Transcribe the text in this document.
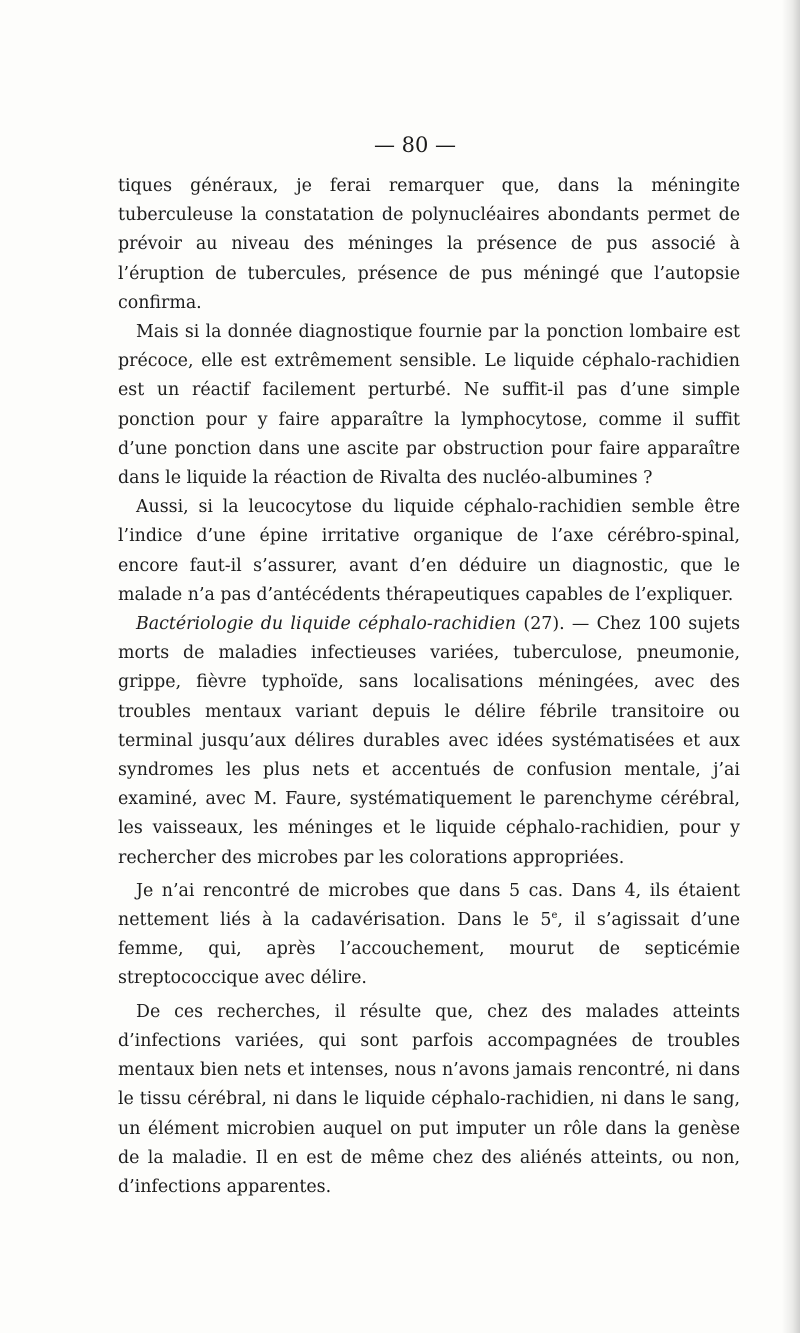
— 80 —

tiques généraux, je ferai remarquer que, dans la méningite tuberculeuse la constatation de polynucléaires abondants permet de prévoir au niveau des méninges la présence de pus associé à l’éruption de tubercules, présence de pus méningé que l’autopsie confirma.

Mais si la donnée diagnostique fournie par la ponction lombaire est précoce, elle est extrêmement sensible. Le liquide céphalo-rachidien est un réactif facilement perturbé. Ne suffit-il pas d’une simple ponction pour y faire apparaître la lymphocytose, comme il suffit d’une ponction dans une ascite par obstruction pour faire apparaître dans le liquide la réaction de Rivalta des nucléo-albumines ?

Aussi, si la leucocytose du liquide céphalo-rachidien semble être l’indice d’une épine irritative organique de l’axe cérébro-spinal, encore faut-il s’assurer, avant d’en déduire un diagnostic, que le malade n’a pas d’antécédents thérapeutiques capables de l’expliquer.

Bactériologie du liquide céphalo-rachidien (27). — Chez 100 sujets morts de maladies infectieuses variées, tuberculose, pneumonie, grippe, fièvre typhoïde, sans localisations méningées, avec des troubles mentaux variant depuis le délire fébrile transitoire ou terminal jusqu’aux délires durables avec idées systématisées et aux syndromes les plus nets et accentués de confusion mentale, j’ai examiné, avec M. Faure, systématiquement le parenchyme cérébral, les vaisseaux, les méninges et le liquide céphalo-rachidien, pour y rechercher des microbes par les colorations appropriées.

Je n’ai rencontré de microbes que dans 5 cas. Dans 4, ils étaient nettement liés à la cadavérisation. Dans le 5e, il s’agissait d’une femme, qui, après l’accouchement, mourut de septicémie streptococcique avec délire.

De ces recherches, il résulte que, chez des malades atteints d’infections variées, qui sont parfois accompagnées de troubles mentaux bien nets et intenses, nous n’avons jamais rencontré, ni dans le tissu cérébral, ni dans le liquide céphalo-rachidien, ni dans le sang, un élément microbien auquel on put imputer un rôle dans la genèse de la maladie. Il en est de même chez des aliénés atteints, ou non, d’infections apparentes.
